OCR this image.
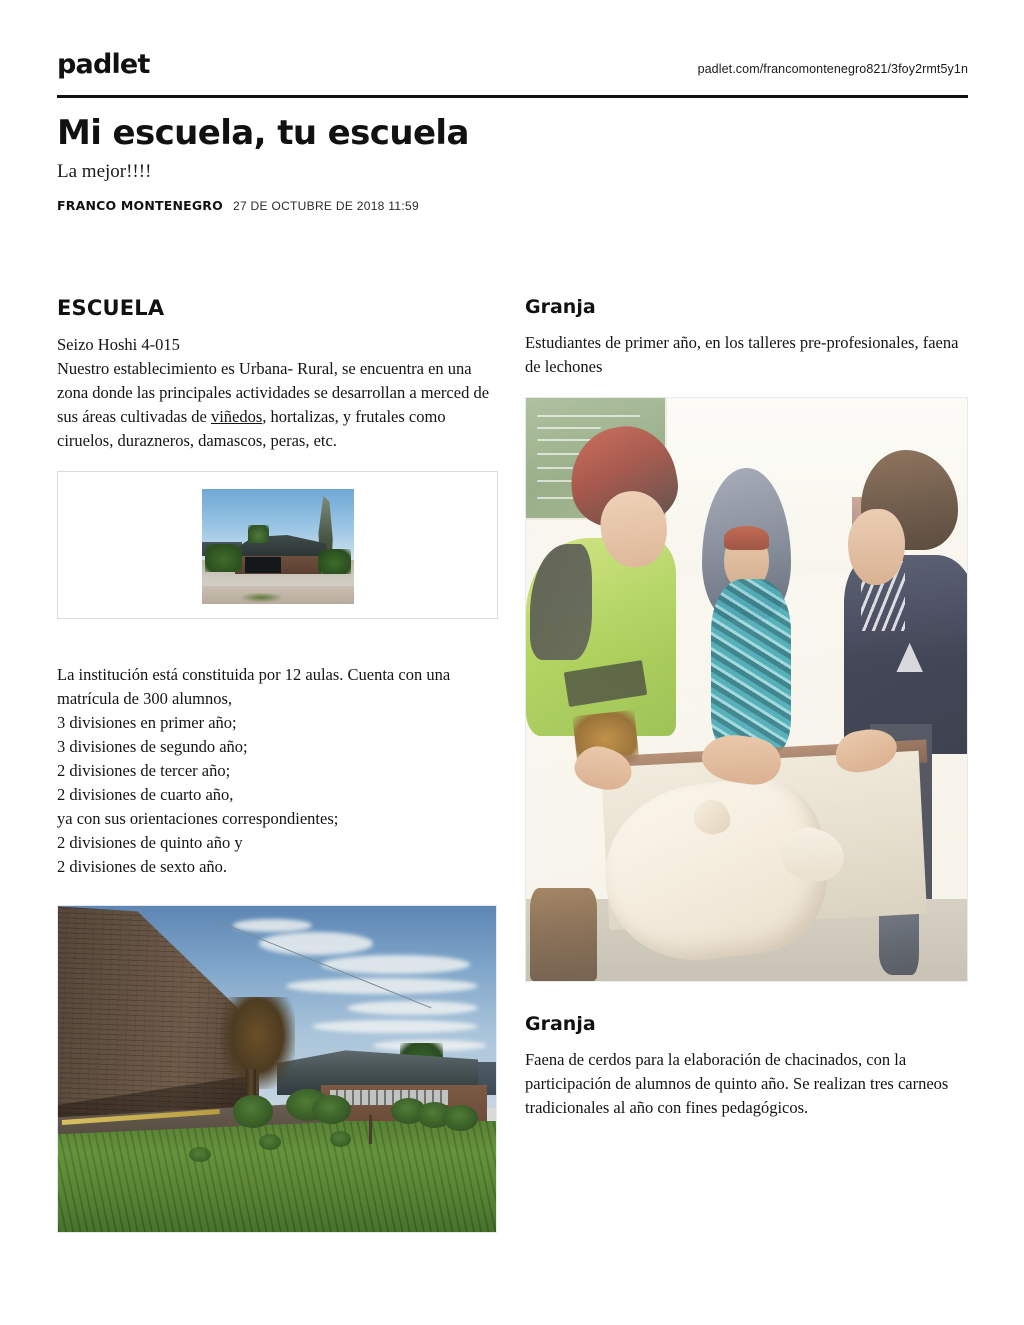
padlet	padlet.com/francomontenegro821/3foy2rmt5y1n
Mi escuela, tu escuela

La mejor!!!!

FRANCO MONTENEGRO 27 DE OCTUBRE DE 2018 11:59
ESCUELA

Seizo Hoshi 4-015
Nuestro establecimiento es Urbana- Rural, se encuentra en una zona donde las principales actividades se desarrollan a merced de sus áreas cultivadas de viñedos, hortalizas, y frutales como ciruelos, durazneros, damascos, peras, etc.

La institución está constituida por 12 aulas. Cuenta con una
matrícula de 300 alumnos,
3 divisiones en primer año;
3 divisiones de segundo año;
2 divisiones de tercer año;
2 divisiones de cuarto año,
ya con sus orientaciones correspondientes;
2 divisiones de quinto año y
2 divisiones de sexto año.

Granja

Estudiantes de primer año, en los talleres pre-profesionales, faena de lechones

Granja

Faena de cerdos para la elaboración de chacinados, con la participación de alumnos de quinto año. Se realizan tres carneos tradicionales al año con fines pedagógicos.
